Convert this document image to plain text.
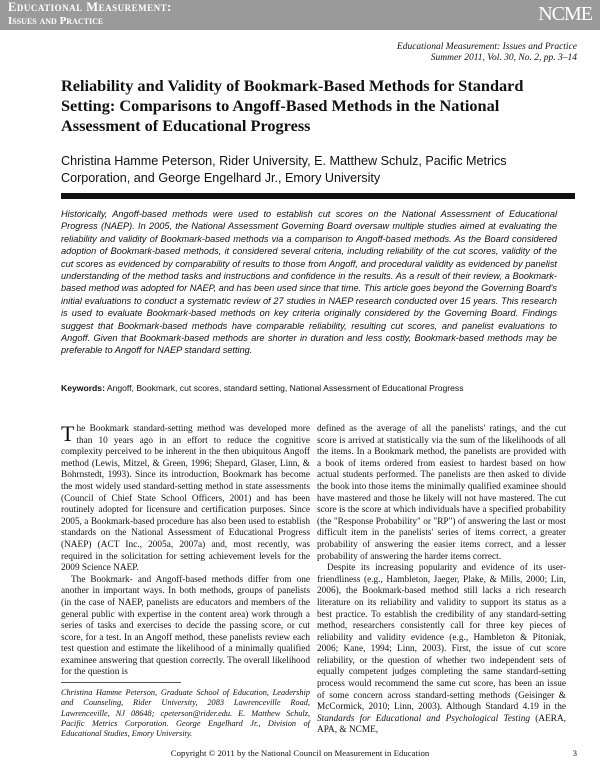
Educational Measurement:
Issues and Practice	NCME
Educational Measurement: Issues and Practice
Summer 2011, Vol. 30, No. 2, pp. 3–14
Reliability and Validity of Bookmark-Based Methods for Standard Setting: Comparisons to Angoff-Based Methods in the National Assessment of Educational Progress
Christina Hamme Peterson, Rider University, E. Matthew Schulz, Pacific Metrics Corporation, and George Engelhard Jr., Emory University
Historically, Angoff-based methods were used to establish cut scores on the National Assessment of Educational Progress (NAEP). In 2005, the National Assessment Governing Board oversaw multiple studies aimed at evaluating the reliability and validity of Bookmark-based methods via a comparison to Angoff-based methods. As the Board considered adoption of Bookmark-based methods, it considered several criteria, including reliability of the cut scores, validity of the cut scores as evidenced by comparability of results to those from Angoff, and procedural validity as evidenced by panelist understanding of the method tasks and instructions and confidence in the results. As a result of their review, a Bookmark-based method was adopted for NAEP, and has been used since that time. This article goes beyond the Governing Board's initial evaluations to conduct a systematic review of 27 studies in NAEP research conducted over 15 years. This research is used to evaluate Bookmark-based methods on key criteria originally considered by the Governing Board. Findings suggest that Bookmark-based methods have comparable reliability, resulting cut scores, and panelist evaluations to Angoff. Given that Bookmark-based methods are shorter in duration and less costly, Bookmark-based methods may be preferable to Angoff for NAEP standard setting.
Keywords: Angoff, Bookmark, cut scores, standard setting, National Assessment of Educational Progress

The Bookmark standard-setting method was developed more than 10 years ago in an effort to reduce the cognitive complexity perceived to be inherent in the then ubiquitous Angoff method (Lewis, Mitzel, & Green, 1996; Shepard, Glaser, Linn, & Bohrnstedt, 1993). Since its introduction, Bookmark has become the most widely used standard-setting method in state assessments (Council of Chief State School Officers, 2001) and has been routinely adopted for licensure and certification purposes. Since 2005, a Bookmark-based procedure has also been used to establish standards on the National Assessment of Educational Progress (NAEP) (ACT Inc., 2005a, 2007a) and, most recently, was required in the solicitation for setting achievement levels for the 2009 Science NAEP.

The Bookmark- and Angoff-based methods differ from one another in important ways. In both methods, groups of panelists (in the case of NAEP, panelists are educators and members of the general public with expertise in the content area) work through a series of tasks and exercises to decide the passing score, or cut score, for a test. In an Angoff method, these panelists review each test question and estimate the likelihood of a minimally qualified examinee answering that question correctly. The overall likelihood for the question is

defined as the average of all the panelists' ratings, and the cut score is arrived at statistically via the sum of the likelihoods of all the items. In a Bookmark method, the panelists are provided with a book of items ordered from easiest to hardest based on how actual students performed. The panelists are then asked to divide the book into those items the minimally qualified examinee should have mastered and those he likely will not have mastered. The cut score is the score at which individuals have a specified probability (the "Response Probability" or "RP") of answering the last or most difficult item in the panelists' series of items correct, a greater probability of answering the easier items correct, and a lesser probability of answering the harder items correct.

Despite its increasing popularity and evidence of its user-friendliness (e.g., Hambleton, Jaeger, Plake, & Mills, 2000; Lin, 2006), the Bookmark-based method still lacks a rich research literature on its reliability and validity to support its status as a best practice. To establish the credibility of any standard-setting method, researchers consistently call for three key pieces of reliability and validity evidence (e.g., Hambleton & Pitoniak, 2006; Kane, 1994; Linn, 2003). First, the issue of cut score reliability, or the question of whether two independent sets of equally competent judges completing the same standard-setting process would recommend the same cut score, has been an issue of some concern across standard-setting methods (Geisinger & McCormick, 2010; Linn, 2003). Although Standard 4.19 in the Standards for Educational and Psychological Testing (AERA, APA, & NCME,

Christina Hamme Peterson, Graduate School of Education, Leadership and Counseling, Rider University, 2083 Lawrenceville Road, Lawrenceville, NJ 08648; cpeterson@rider.edu. E. Matthew Schulz, Pacific Metrics Corporation. George Engelhard Jr., Division of Educational Studies, Emory University.
Copyright © 2011 by the National Council on Measurement in Education	3
